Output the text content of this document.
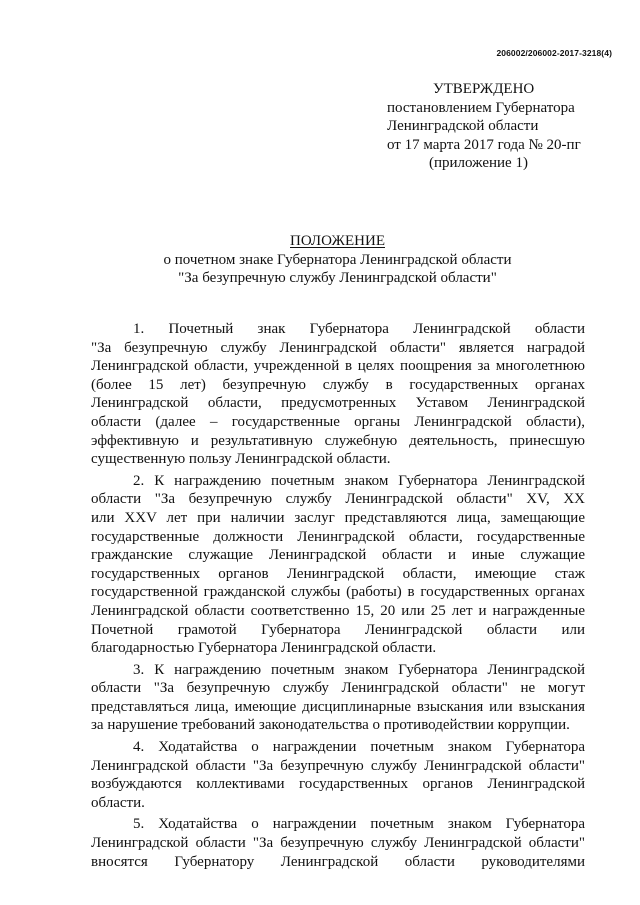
206002/206002-2017-3218(4)
УТВЕРЖДЕНО
постановлением Губернатора
Ленинградской области
от 17 марта 2017 года № 20-пг
(приложение 1)
ПОЛОЖЕНИЕ
о почетном знаке Губернатора Ленинградской области
"За безупречную службу Ленинградской области"
1. Почетный знак Губернатора Ленинградской области
"За безупречную службу Ленинградской области" является наградой
Ленинградской области, учрежденной в целях поощрения за многолетнюю
(более 15 лет) безупречную службу в государственных органах
Ленинградской области, предусмотренных Уставом Ленинградской
области (далее – государственные органы Ленинградской области),
эффективную и результативную служебную деятельность, принесшую
существенную пользу Ленинградской области.
2. К награждению почетным знаком Губернатора Ленинградской
области "За безупречную службу Ленинградской области" XV, XX
или XXV лет при наличии заслуг представляются лица, замещающие
государственные должности Ленинградской области, государственные
гражданские служащие Ленинградской области и иные служащие
государственных органов Ленинградской области, имеющие стаж
государственной гражданской службы (работы) в государственных органах
Ленинградской области соответственно 15, 20 или 25 лет и награжденные
Почетной грамотой Губернатора Ленинградской области или
благодарностью Губернатора Ленинградской области.
3. К награждению почетным знаком Губернатора Ленинградской
области "За безупречную службу Ленинградской области" не могут
представляться лица, имеющие дисциплинарные взыскания или взыскания
за нарушение требований законодательства о противодействии коррупции.
4. Ходатайства о награждении почетным знаком Губернатора
Ленинградской области "За безупречную службу Ленинградской области"
возбуждаются коллективами государственных органов Ленинградской
области.
5. Ходатайства о награждении почетным знаком Губернатора
Ленинградской области "За безупречную службу Ленинградской области"
вносятся Губернатору Ленинградской области руководителями
